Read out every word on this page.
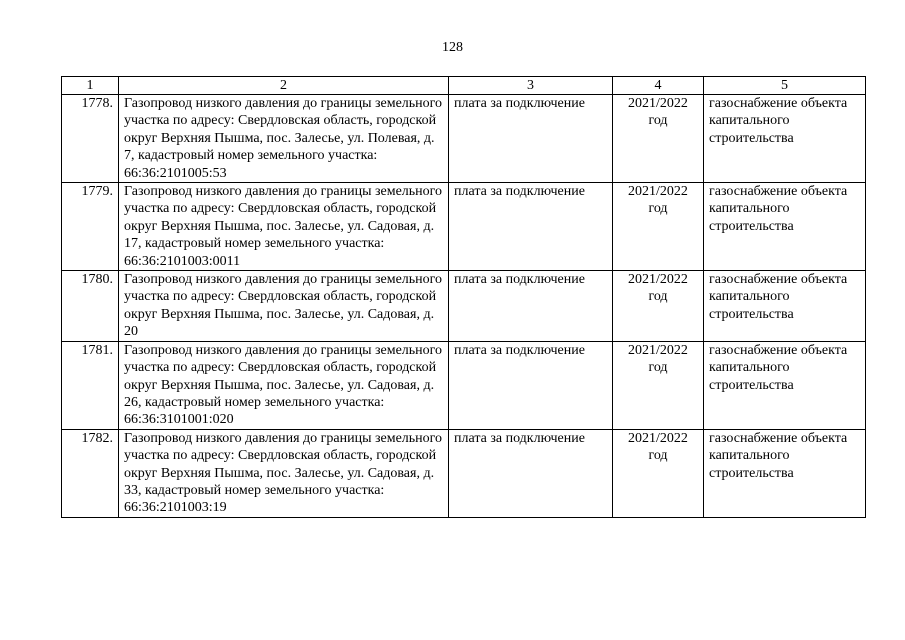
128
1	2	3	4	5
1778.	Газопровод низкого давления до границы земельного участка по адресу: Свердловская область, городской округ Верхняя Пышма, пос. Залесье, ул. Полевая, д. 7, кадастровый номер земельного участка: 66:36:2101005:53	плата за подключение	2021/2022 год	газоснабжение объекта капитального строительства
1779.	Газопровод низкого давления до границы земельного участка по адресу: Свердловская область, городской округ Верхняя Пышма, пос. Залесье, ул. Садовая, д. 17, кадастровый номер земельного участка: 66:36:2101003:0011	плата за подключение	2021/2022 год	газоснабжение объекта капитального строительства
1780.	Газопровод низкого давления до границы земельного участка по адресу: Свердловская область, городской округ Верхняя Пышма, пос. Залесье, ул. Садовая, д. 20	плата за подключение	2021/2022 год	газоснабжение объекта капитального строительства
1781.	Газопровод низкого давления до границы земельного участка по адресу: Свердловская область, городской округ Верхняя Пышма, пос. Залесье, ул. Садовая, д. 26, кадастровый номер земельного участка: 66:36:3101001:020	плата за подключение	2021/2022 год	газоснабжение объекта капитального строительства
1782.	Газопровод низкого давления до границы земельного участка по адресу: Свердловская область, городской округ Верхняя Пышма, пос. Залесье, ул. Садовая, д. 33, кадастровый номер земельного участка: 66:36:2101003:19	плата за подключение	2021/2022 год	газоснабжение объекта капитального строительства
